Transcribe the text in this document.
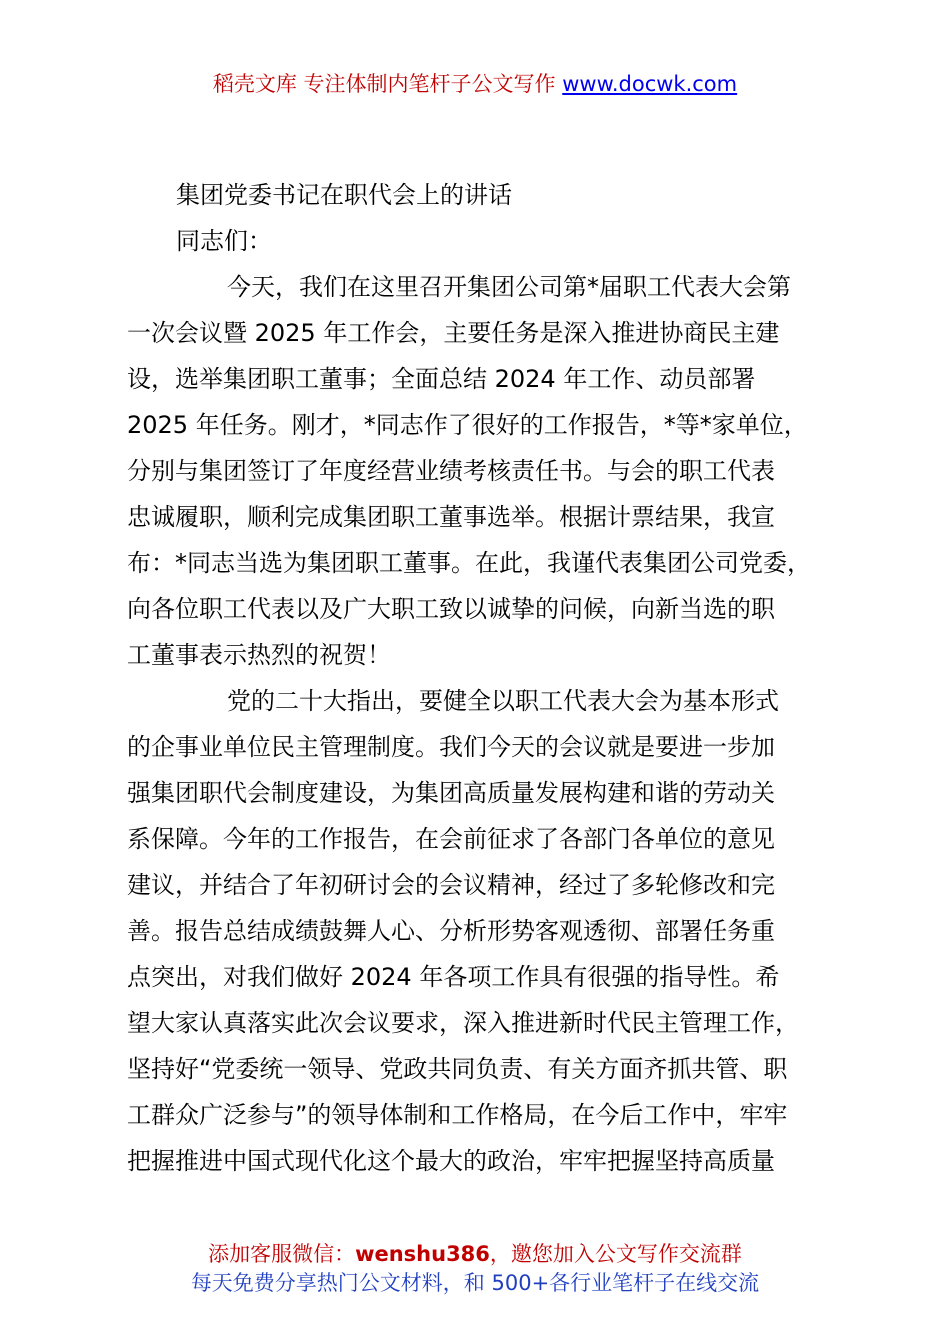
稻壳文库 专注体制内笔杆子公文写作 www.docwk.com
集团党委书记在职代会上的讲话
同志们：
今天，我们在这里召开集团公司第*届职工代表大会第
一次会议暨 2025 年工作会，主要任务是深入推进协商民主建
设，选举集团职工董事；全面总结 2024 年工作、动员部署
2025 年任务。刚才，*同志作了很好的工作报告，*等*家单位，
分别与集团签订了年度经营业绩考核责任书。与会的职工代表
忠诚履职，顺利完成集团职工董事选举。根据计票结果，我宣
布：*同志当选为集团职工董事。在此，我谨代表集团公司党委，
向各位职工代表以及广大职工致以诚挚的问候，向新当选的职
工董事表示热烈的祝贺！
党的二十大指出，要健全以职工代表大会为基本形式
的企事业单位民主管理制度。我们今天的会议就是要进一步加
强集团职代会制度建设，为集团高质量发展构建和谐的劳动关
系保障。今年的工作报告，在会前征求了各部门各单位的意见
建议，并结合了年初研讨会的会议精神，经过了多轮修改和完
善。报告总结成绩鼓舞人心、分析形势客观透彻、部署任务重
点突出，对我们做好 2024 年各项工作具有很强的指导性。希
望大家认真落实此次会议要求，深入推进新时代民主管理工作，
坚持好“党委统一领导、党政共同负责、有关方面齐抓共管、职
工群众广泛参与”的领导体制和工作格局，在今后工作中，牢牢
把握推进中国式现代化这个最大的政治，牢牢把握坚持高质量
添加客服微信：wenshu386，邀您加入公文写作交流群
每天免费分享热门公文材料，和 500+各行业笔杆子在线交流
